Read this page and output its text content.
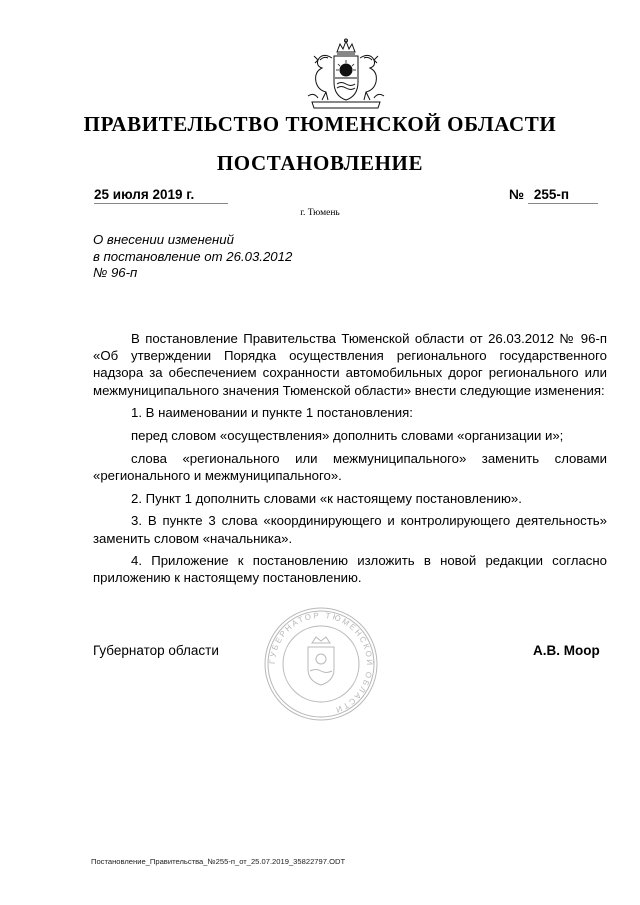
ПРАВИТЕЛЬСТВО ТЮМЕНСКОЙ ОБЛАСТИ
ПОСТАНОВЛЕНИЕ
25 июля 2019 г.	№ 255-п
г. Тюмень
О внесении изменений
в постановление от 26.03.2012
№ 96-п

В постановление Правительства Тюменской области от 26.03.2012 № 96-п «Об утверждении Порядка осуществления регионального государственного надзора за обеспечением сохранности автомобильных дорог регионального или межмуниципального значения Тюменской области» внести следующие изменения:

1. В наименовании и пункте 1 постановления:

перед словом «осуществления» дополнить словами «организации и»;

слова «регионального или межмуниципального» заменить словами «регионального и межмуниципального».

2. Пункт 1 дополнить словами «к настоящему постановлению».

3. В пункте 3 слова «координирующего и контролирующего деятельность» заменить словом «начальника».

4. Приложение к постановлению изложить в новой редакции согласно приложению к настоящему постановлению.

ГУБЕРНАТОР ТЮМЕНСКОЙ ОБЛАСТИ
Губернатор области	А.В. Моор
Постановление_Правительства_№255-п_от_25.07.2019_35822797.ODT
